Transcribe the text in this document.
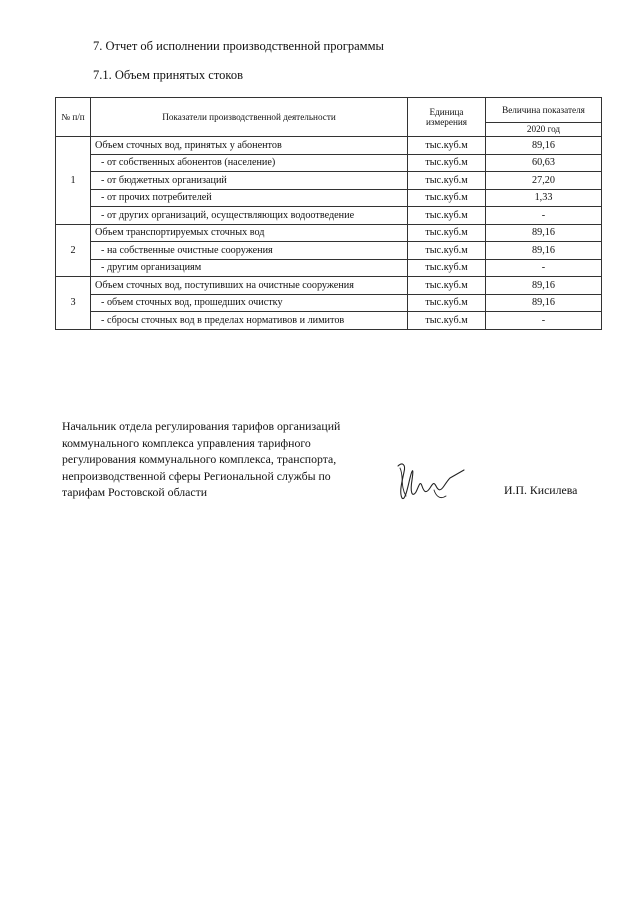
7. Отчет об исполнении производственной программы
7.1. Объем принятых стоков
№ п/п	Показатели производственной деятельности	Единица измерения	Величина показателя
			2020 год
1	Объем сточных вод, принятых у абонентов	тыс.куб.м	89,16
	- от собственных абонентов (население)	тыс.куб.м	60,63
	- от бюджетных организаций	тыс.куб.м	27,20
	- от прочих потребителей	тыс.куб.м	1,33
	- от других организаций, осуществляющих водоотведение	тыс.куб.м	-
2	Объем транспортируемых сточных вод	тыс.куб.м	89,16
	- на собственные очистные сооружения	тыс.куб.м	89,16
	- другим организациям	тыс.куб.м	-
3	Объем сточных вод, поступивших на очистные сооружения	тыс.куб.м	89,16
	- объем сточных вод, прошедших очистку	тыс.куб.м	89,16
	- сбросы сточных вод в пределах нормативов и лимитов	тыс.куб.м	-
Начальник отдела регулирования тарифов организаций
коммунального комплекса управления тарифного
регулирования коммунального комплекса, транспорта,
непроизводственной сферы Региональной службы по
тарифам Ростовской области	И.П. Кисилева
